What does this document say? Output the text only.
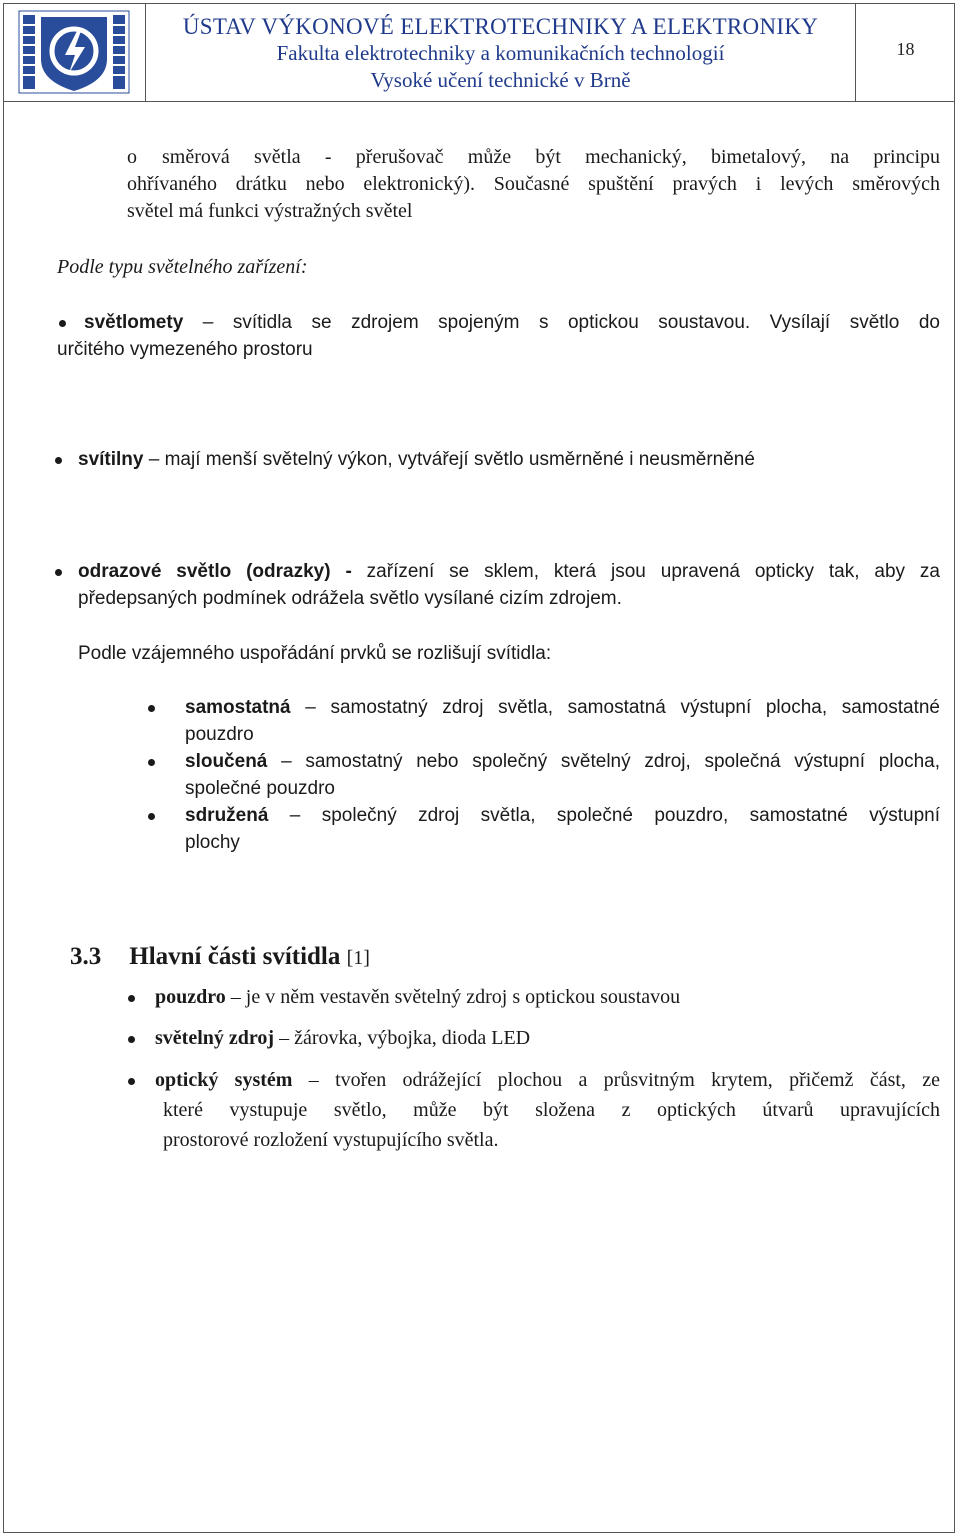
ÚSTAV VÝKONOVÉ ELEKTROTECHNIKY A ELEKTRONIKY
Fakulta elektrotechniky a komunikačních technologií
Vysoké učení technické v Brně
18
o směrová světla - přerušovač může být mechanický, bimetalový, na principu
ohřívaného drátku nebo elektronický). Současné spuštění pravých i levých směrových
světel má funkci výstražných světel
Podle typu světelného zařízení:
světlomety – svítidla se zdrojem spojeným s optickou soustavou. Vysílají světlo do
určitého vymezeného prostoru
svítilny – mají menší světelný výkon, vytvářejí světlo usměrněné i neusměrněné
odrazové světlo (odrazky) - zařízení se sklem, která jsou upravená opticky tak, aby za
předepsaných podmínek odrážela světlo vysílané cizím zdrojem.
Podle vzájemného uspořádání prvků se rozlišují svítidla:
samostatná – samostatný zdroj světla, samostatná výstupní plocha, samostatné
pouzdro
sloučená – samostatný nebo společný světelný zdroj, společná výstupní plocha,
společné pouzdro
sdružená – společný zdroj světla, společné pouzdro, samostatné výstupní
plochy
3.3 Hlavní části svítidla [1]
pouzdro – je v něm vestavěn světelný zdroj s optickou soustavou
světelný zdroj – žárovka, výbojka, dioda LED
optický systém – tvořen odrážející plochou a průsvitným krytem, přičemž část, ze
které vystupuje světlo, může být složena z optických útvarů upravujících
prostorové rozložení vystupujícího světla.
